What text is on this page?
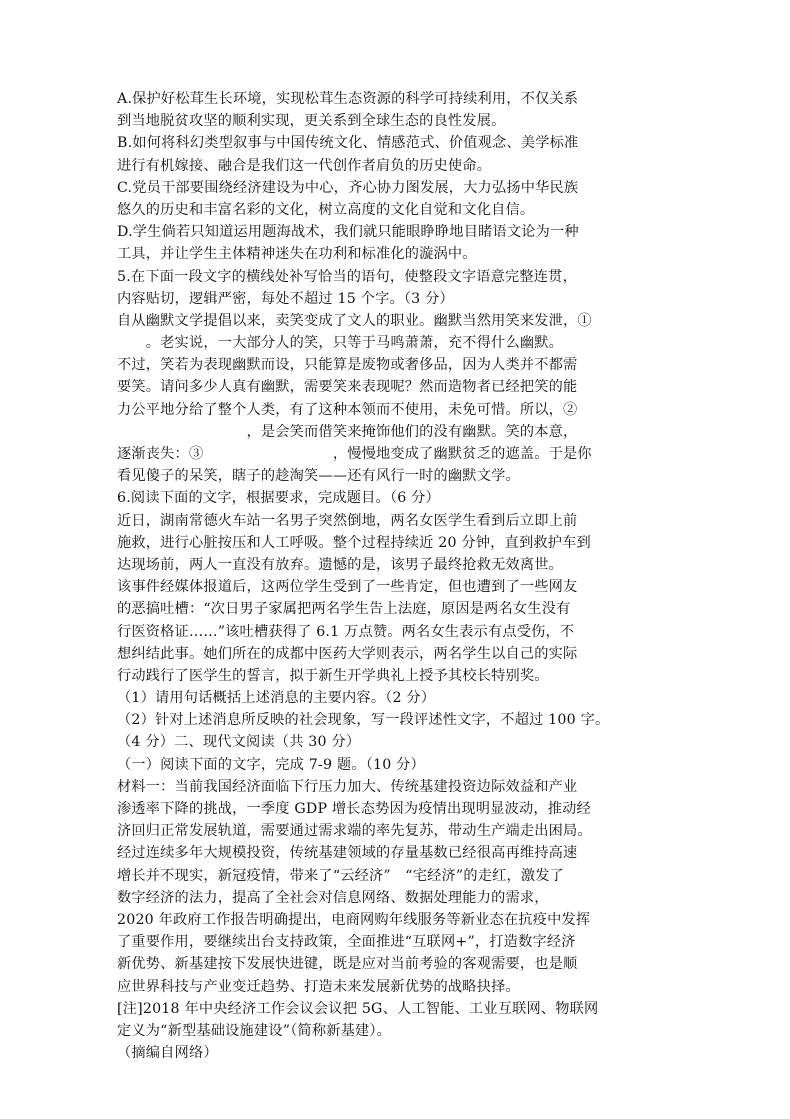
A.保护好松茸生长环境，实现松茸生态资源的科学可持续利用，不仅关系
到当地脱贫攻坚的顺利实现，更关系到全球生态的良性发展。
B.如何将科幻类型叙事与中国传统文化、情感范式、价值观念、美学标准
进行有机嫁接、融合是我们这一代创作者肩负的历史使命。
C.党员干部要围绕经济建设为中心，齐心协力图发展，大力弘扬中华民族
悠久的历史和丰富名彩的文化，树立高度的文化自觉和文化自信。
D.学生倘若只知道运用题海战术，我们就只能眼睁睁地目睹语文论为一种
工具，并让学生主体精神迷失在功利和标准化的漩涡中。
5.在下面一段文字的横线处补写恰当的语句，使整段文字语意完整连贯，
内容贴切，逻辑严密，每处不超过 15 个字。（3 分）
自从幽默文学提倡以来，卖笑变成了文人的职业。幽默当然用笑来发泄，①
　　。老实说，一大部分人的笑，只等于马鸣萧萧，充不得什么幽默。
不过，笑若为表现幽默而设，只能算是废物或奢侈品，因为人类并不都需
要笑。请问多少人真有幽默，需要笑来表现呢？然而造物者已经把笑的能
力公平地分给了整个人类，有了这种本领而不使用，未免可惜。所以，②
　　　　　　　　　，是会笑而借笑来掩饰他们的没有幽默。笑的本意，
逐渐丧失：③　　　　　　　　　，慢慢地变成了幽默贫乏的遮盖。于是你
看见傻子的呆笑，瞎子的趁淘笑——还有风行一时的幽默文学。
6.阅读下面的文字，根据要求，完成题目。（6 分）
近日，湖南常德火车站一名男子突然倒地，两名女医学生看到后立即上前
施救，进行心脏按压和人工呼吸。整个过程持续近 20 分钟，直到救护车到
达现场前，两人一直没有放弃。遗憾的是，该男子最终抢救无效离世。
该事件经媒体报道后，这两位学生受到了一些肯定，但也遭到了一些网友
的恶搞吐槽：“次日男子家属把两名学生告上法庭，原因是两名女生没有
行医资格证……”该吐槽获得了 6.1 万点赞。两名女生表示有点受伤，不
想纠结此事。她们所在的成都中医药大学则表示，两名学生以自己的实际
行动践行了医学生的誓言，拟于新生开学典礼上授予其校长特别奖。
（1）请用句话概括上述消息的主要内容。（2 分）
（2）针对上述消息所反映的社会现象，写一段评述性文字，不超过 100 字。
（4 分）二、现代文阅读（共 30 分）
（一）阅读下面的文字，完成 7-9 题。（10 分）
材料一：当前我国经济面临下行压力加大、传统基建投资边际效益和产业
渗透率下降的挑战，一季度 GDP 增长态势因为疫情出现明显波动，推动经
济回归正常发展轨道，需要通过需求端的率先复苏，带动生产端走出困局。
经过连续多年大规模投资，传统基建领域的存量基数已经很高再维持高速
增长并不现实，新冠疫情，带来了“云经济”　“宅经济”的走红，激发了
数字经济的法力，提高了全社会对信息网络、数据处理能力的需求，
2020 年政府工作报告明确提出，电商网购年线服务等新业态在抗疫中发挥
了重要作用，要继续出台支持政策，全面推进“互联网+”，打造数字经济
新优势、新基建按下发展快进键，既是应对当前考验的客观需要，也是顺
应世界科技与产业变迁趋势、打造未来发展新优势的战略抉择。
[注]2018 年中央经济工作会议会议把 5G、人工智能、工业互联网、物联网
定义为“新型基础设施建设”（简称新基建）。
（摘编自网络）
